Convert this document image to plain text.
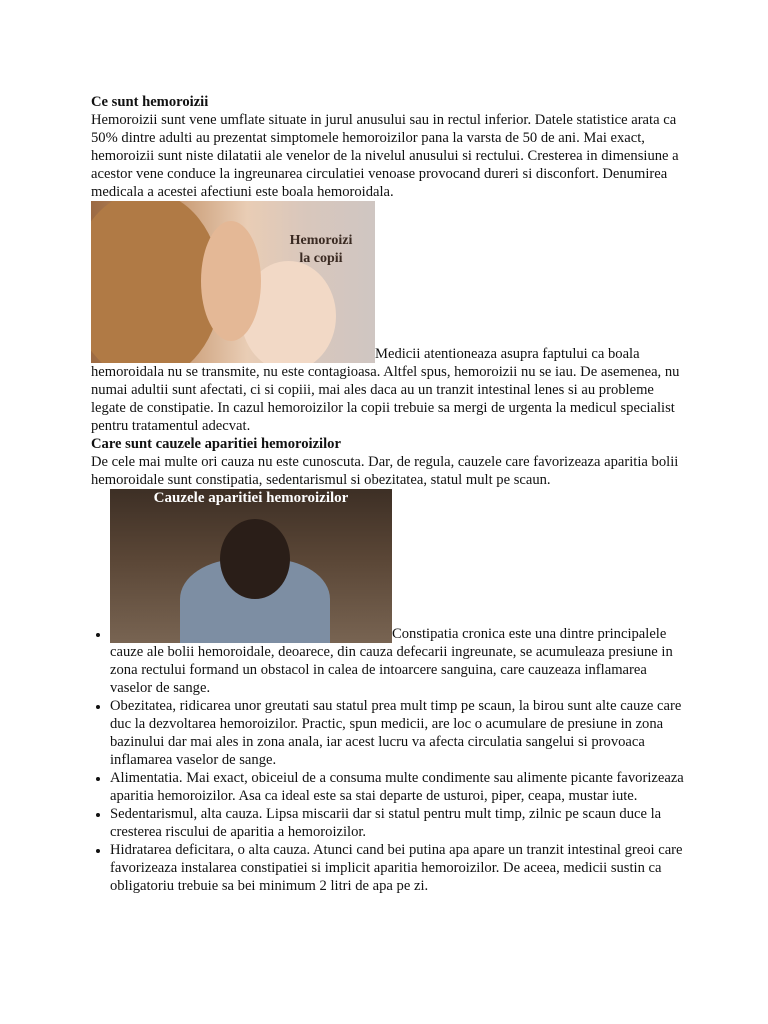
Ce sunt hemoroizii

Hemoroizii sunt vene umflate situate in jurul anusului sau in rectul inferior. Datele statistice arata ca 50% dintre adulti au prezentat simptomele hemoroizilor pana la varsta de 50 de ani. Mai exact, hemoroizii sunt niste dilatatii ale venelor de la nivelul anusului si rectului. Cresterea in dimensiune a acestor vene conduce la ingreunarea circulatiei venoase provocand dureri si disconfort. Denumirea medicala a acestei afectiuni este boala hemoroidala.

Hemoroizi
la copii
Medicii atentioneaza asupra faptului ca boala hemoroidala nu se transmite, nu este contagioasa. Altfel spus, hemoroizii nu se iau. De asemenea, nu numai adultii sunt afectati, ci si copiii, mai ales daca au un tranzit intestinal lenes si au probleme legate de constipatie. In cazul hemoroizilor la copii trebuie sa mergi de urgenta la medicul specialist pentru tratamentul adecvat.

Care sunt cauzele aparitiei hemoroizilor

De cele mai multe ori cauza nu este cunoscuta. Dar, de regula, cauzele care favorizeaza aparitia bolii hemoroidale sunt constipatia, sedentarismul si obezitatea, statul mult pe scaun.

• Cauzele aparitiei hemoroizilor
Constipatia cronica este una dintre principalele cauze ale bolii hemoroidale, deoarece, din cauza defecarii ingreunate, se acumuleaza presiune in zona rectului formand un obstacol in calea de intoarcere sanguina, care cauzeaza inflamarea vaselor de sange.
• Obezitatea, ridicarea unor greutati sau statul prea mult timp pe scaun, la birou sunt alte cauze care duc la dezvoltarea hemoroizilor. Practic, spun medicii, are loc o acumulare de presiune in zona bazinului dar mai ales in zona anala, iar acest lucru va afecta circulatia sangelui si provoaca inflamarea vaselor de sange.
• Alimentatia. Mai exact, obiceiul de a consuma multe condimente sau alimente picante favorizeaza aparitia hemoroizilor. Asa ca ideal este sa stai departe de usturoi, piper, ceapa, mustar iute.
• Sedentarismul, alta cauza. Lipsa miscarii dar si statul pentru mult timp, zilnic pe scaun duce la cresterea riscului de aparitia a hemoroizilor.
• Hidratarea deficitara, o alta cauza. Atunci cand bei putina apa apare un tranzit intestinal greoi care favorizeaza instalarea constipatiei si implicit aparitia hemoroizilor. De aceea, medicii sustin ca obligatoriu trebuie sa bei minimum 2 litri de apa pe zi.
